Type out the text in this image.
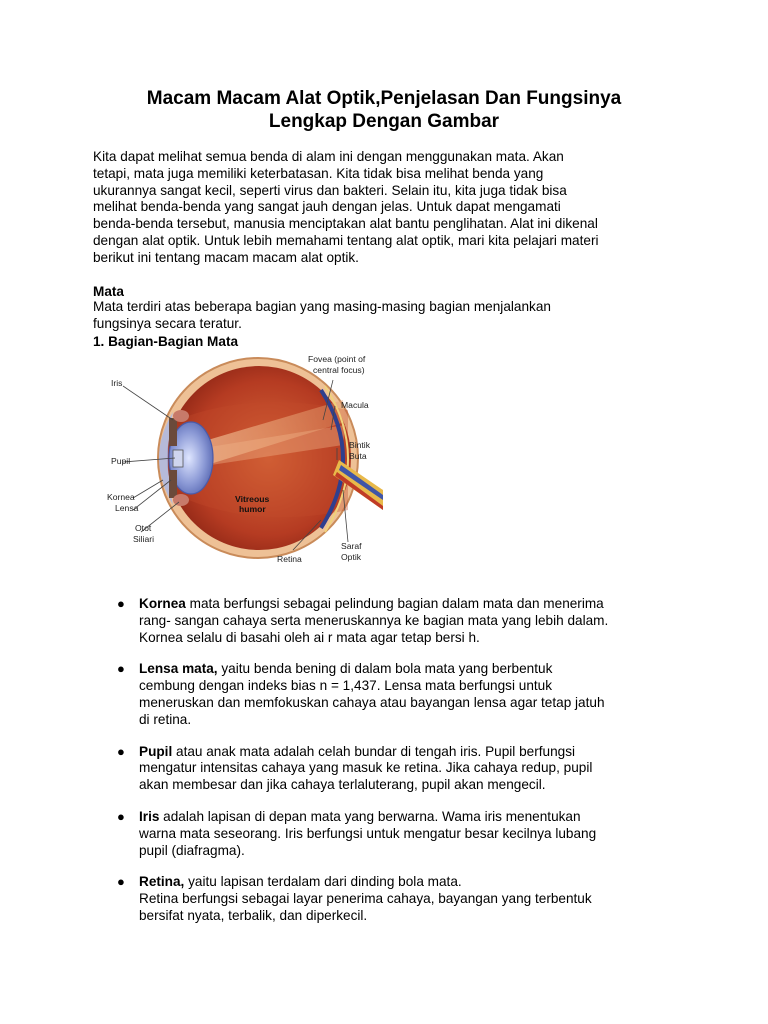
Macam Macam Alat Optik,Penjelasan Dan Fungsinya
Lengkap Dengan Gambar
Kita dapat melihat semua benda di alam ini dengan menggunakan mata. Akan
tetapi, mata juga memiliki keterbatasan. Kita tidak bisa melihat benda yang
ukurannya sangat kecil, seperti virus dan bakteri. Selain itu, kita juga tidak bisa
melihat benda-benda yang sangat jauh dengan jelas. Untuk dapat mengamati
benda-benda tersebut, manusia menciptakan alat bantu penglihatan. Alat ini dikenal
dengan alat optik. Untuk lebih memahami tentang alat optik, mari kita pelajari materi
berikut ini tentang macam macam alat optik.
Mata
Mata terdiri atas beberapa bagian yang masing-masing bagian menjalankan
fungsinya secara teratur.
1. Bagian-Bagian Mata
Fovea (point of
central focus)
Iris
Macula
Bintik
Buta
Pupil
Kornea
Lensa
Otot
Siliari
Retina
Saraf
Optik
Vitreous
humor
● Kornea mata berfungsi sebagai pelindung bagian dalam mata dan menerima
rang- sangan cahaya serta meneruskannya ke bagian mata yang lebih dalam.
Kornea selalu di basahi oleh ai r mata agar tetap bersi h.
● Lensa mata, yaitu benda bening di dalam bola mata yang berbentuk
cembung dengan indeks bias n = 1,437. Lensa mata berfungsi untuk
meneruskan dan memfokuskan cahaya atau bayangan lensa agar tetap jatuh
di retina.
● Pupil atau anak mata adalah celah bundar di tengah iris. Pupil berfungsi
mengatur intensitas cahaya yang masuk ke retina. Jika cahaya redup, pupil
akan membesar dan jika cahaya terlaluterang, pupil akan mengecil.
● Iris adalah lapisan di depan mata yang berwarna. Wama iris menentukan
warna mata seseorang. Iris berfungsi untuk mengatur besar kecilnya lubang
pupil (diafragma).
● Retina, yaitu lapisan terdalam dari dinding bola mata.
Retina berfungsi sebagai layar penerima cahaya, bayangan yang terbentuk
bersifat nyata, terbalik, dan diperkecil.
